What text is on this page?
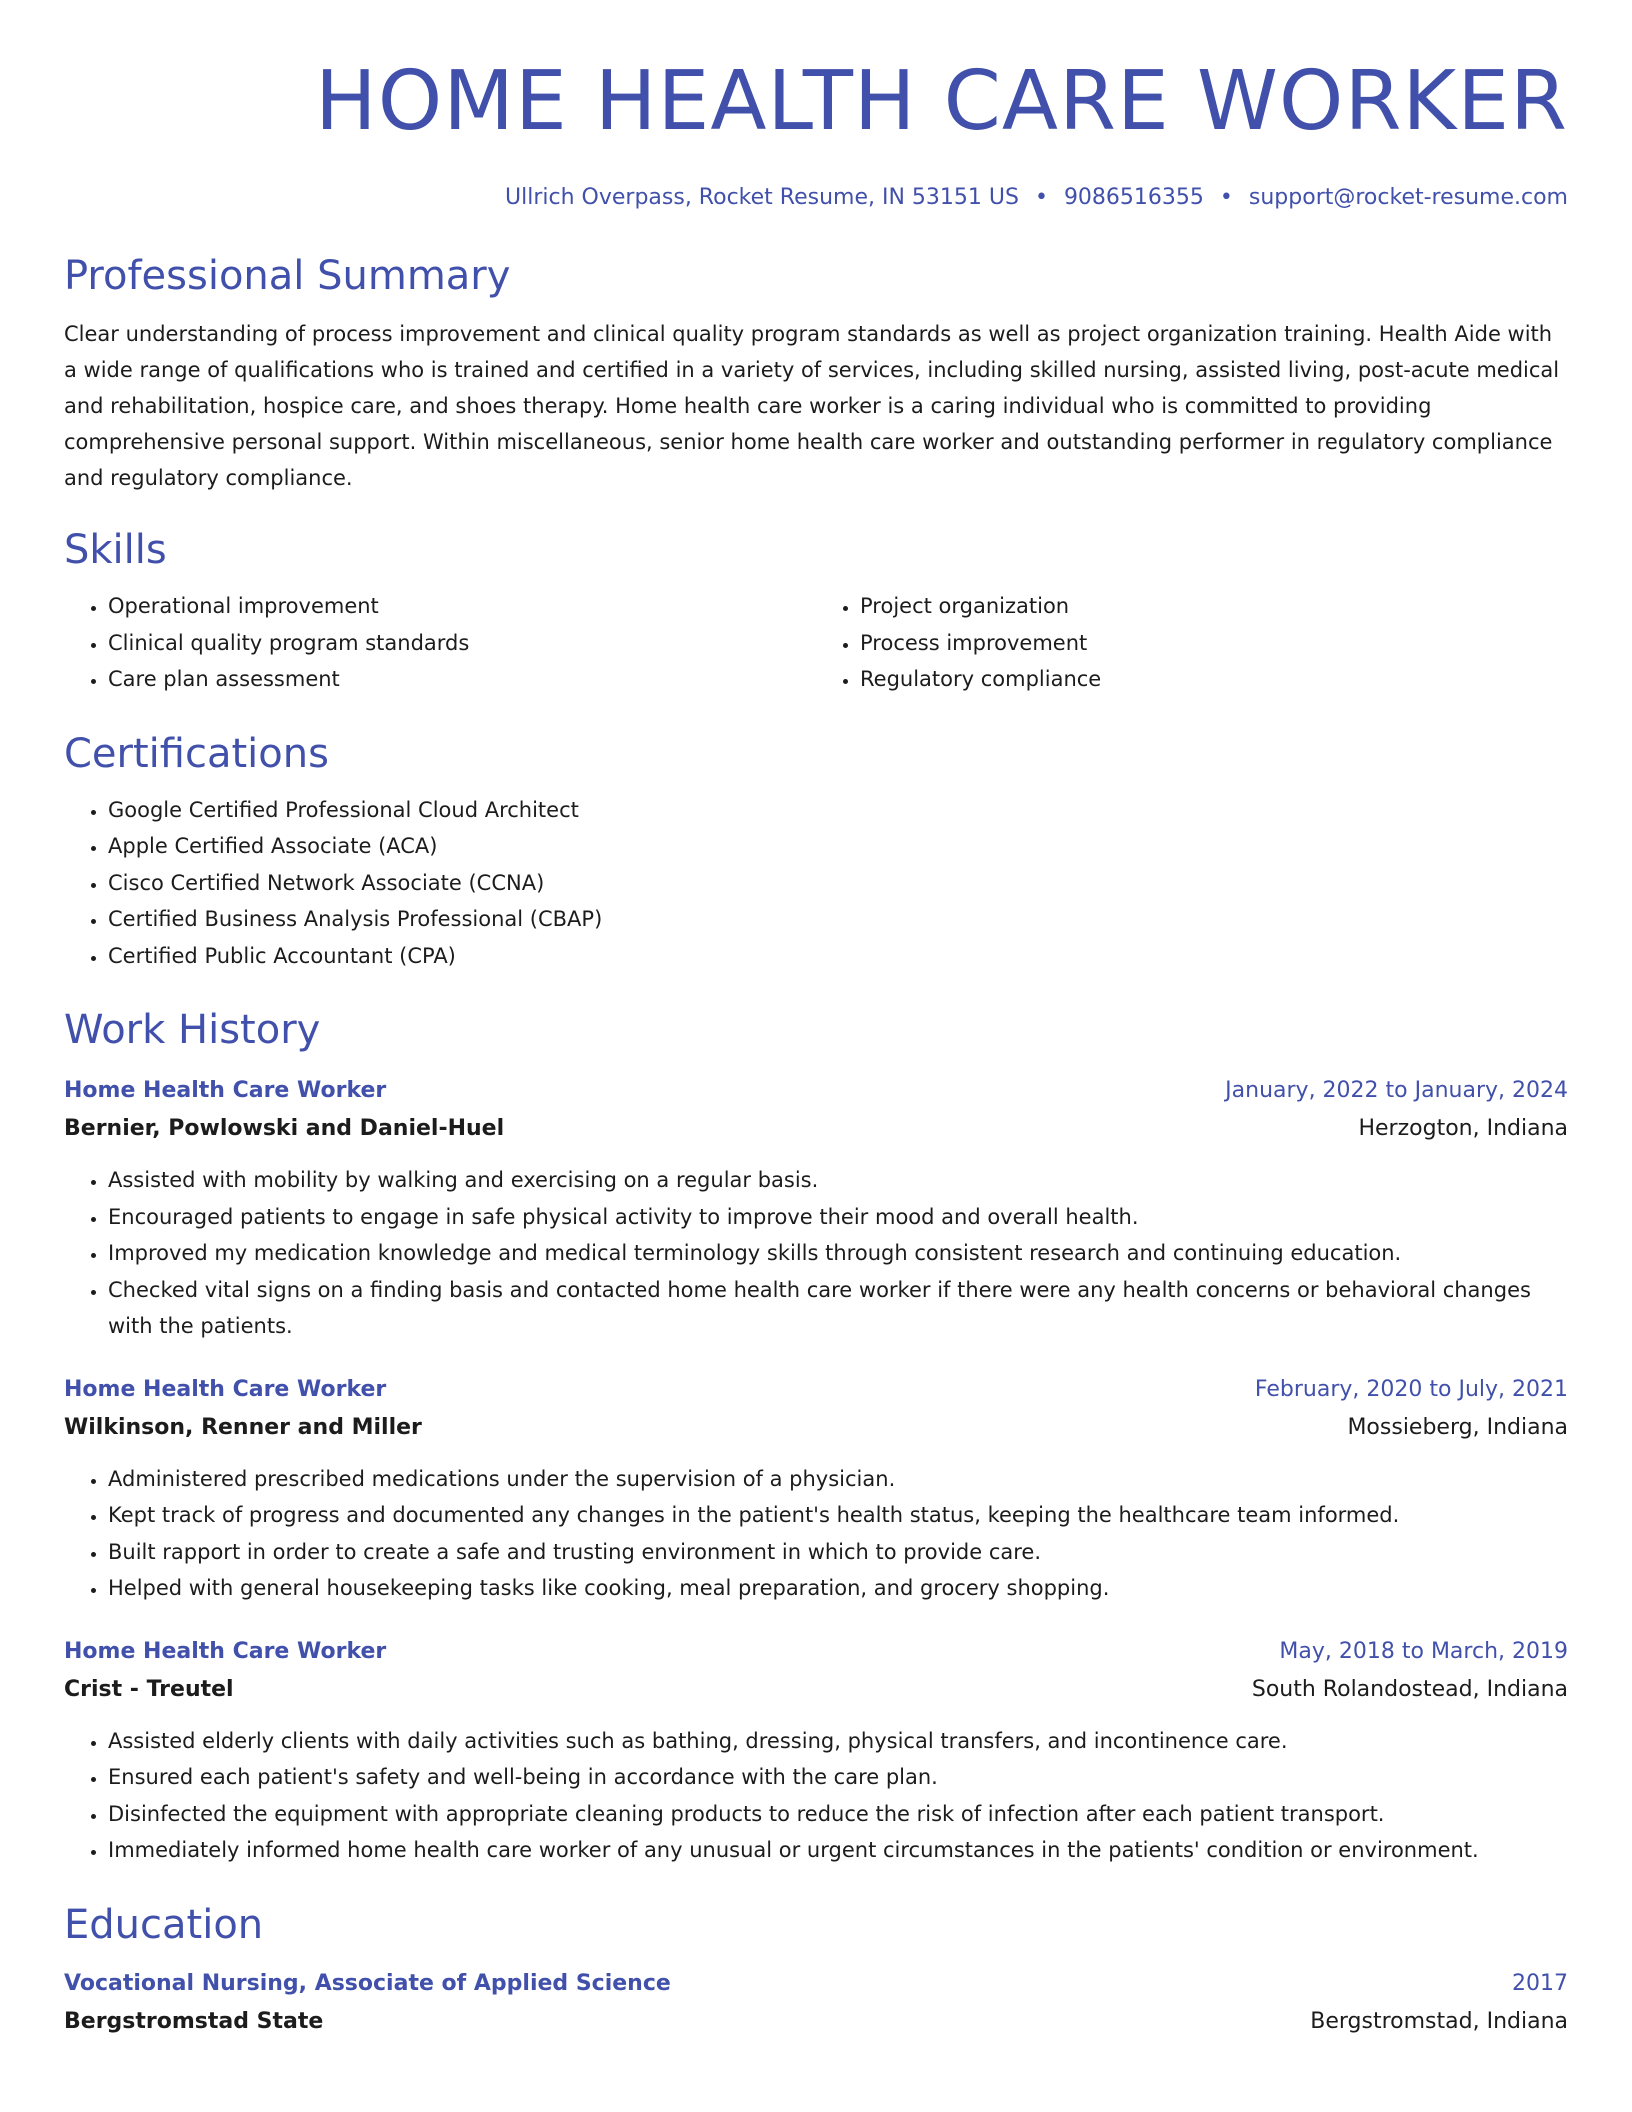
HOME HEALTH CARE WORKER
Ullrich Overpass, Rocket Resume, IN 53151 US • 9086516355 • support@rocket-resume.com
Professional Summary

Clear understanding of process improvement and clinical quality program standards as well as project organization training. Health Aide with a wide range of qualifications who is trained and certified in a variety of services, including skilled nursing, assisted living, post-acute medical and rehabilitation, hospice care, and shoes therapy. Home health care worker is a caring individual who is committed to providing comprehensive personal support. Within miscellaneous, senior home health care worker and outstanding performer in regulatory compliance and regulatory compliance.

Skills
• Operational improvement
• Clinical quality program standards
• Care plan assessment
• Project organization
• Process improvement
• Regulatory compliance
Certifications
• Google Certified Professional Cloud Architect
• Apple Certified Associate (ACA)
• Cisco Certified Network Associate (CCNA)
• Certified Business Analysis Professional (CBAP)
• Certified Public Accountant (CPA)
Work History
Home Health Care Worker	January, 2022 to January, 2024
Bernier, Powlowski and Daniel-Huel	Herzogton, Indiana
• Assisted with mobility by walking and exercising on a regular basis.
• Encouraged patients to engage in safe physical activity to improve their mood and overall health.
• Improved my medication knowledge and medical terminology skills through consistent research and continuing education.
• Checked vital signs on a finding basis and contacted home health care worker if there were any health concerns or behavioral changes with the patients.
Home Health Care Worker	February, 2020 to July, 2021
Wilkinson, Renner and Miller	Mossieberg, Indiana
• Administered prescribed medications under the supervision of a physician.
• Kept track of progress and documented any changes in the patient's health status, keeping the healthcare team informed.
• Built rapport in order to create a safe and trusting environment in which to provide care.
• Helped with general housekeeping tasks like cooking, meal preparation, and grocery shopping.
Home Health Care Worker	May, 2018 to March, 2019
Crist - Treutel	South Rolandostead, Indiana
• Assisted elderly clients with daily activities such as bathing, dressing, physical transfers, and incontinence care.
• Ensured each patient's safety and well-being in accordance with the care plan.
• Disinfected the equipment with appropriate cleaning products to reduce the risk of infection after each patient transport.
• Immediately informed home health care worker of any unusual or urgent circumstances in the patients' condition or environment.
Education
Vocational Nursing, Associate of Applied Science	2017
Bergstromstad State	Bergstromstad, Indiana
